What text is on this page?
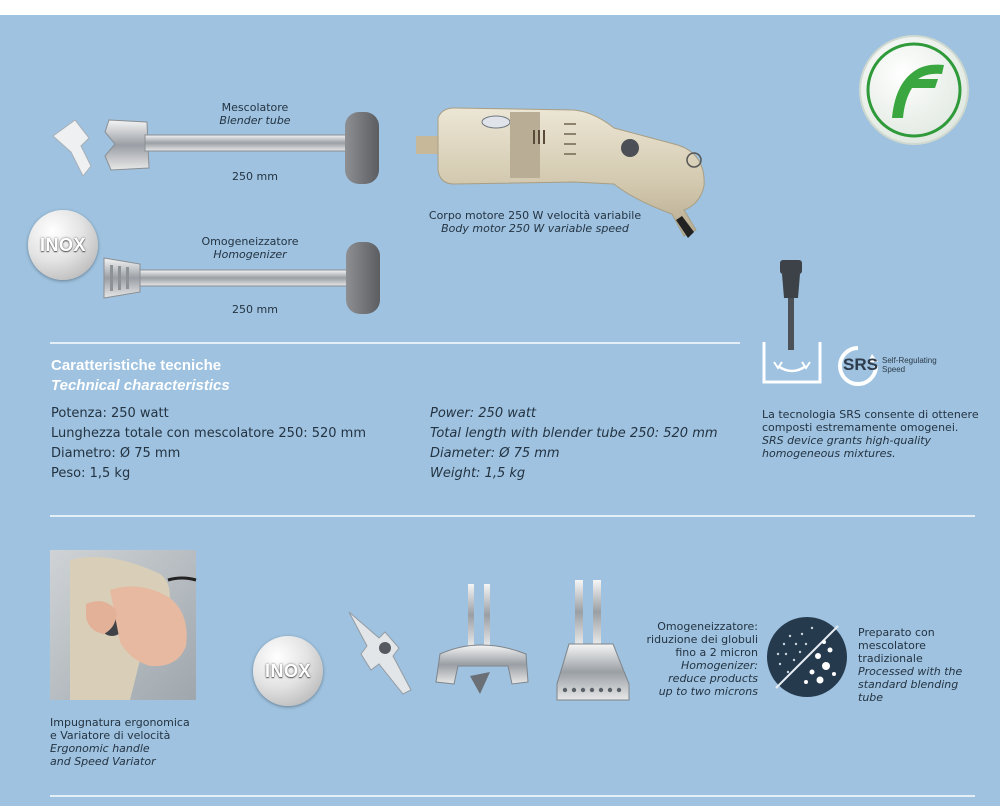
Mescolatore
Blender tube
250 mm
INOX	Omogeneizzatore
Homogenizer
250 mm
Corpo motore 250 W velocità variabile
Body motor 250 W variable speed
SRS Self-Regulating
Speed
La tecnologia SRS consente di ottenere composti estremamente omogenei.
SRS device grants high-quality homogeneous mixtures.
Caratteristiche tecniche
Technical characteristics
Potenza: 250 watt
Lunghezza totale con mescolatore 250: 520 mm
Diametro: Ø 75 mm
Peso: 1,5 kg
Power: 250 watt
Total length with blender tube 250: 520 mm
Diameter: Ø 75 mm
Weight: 1,5 kg
Impugnatura ergonomica
e Variatore di velocità
Ergonomic handle
and Speed Variator
INOX
Omogeneizzatore:
riduzione dei globuli
fino a 2 micron
Homogenizer:
reduce products
up to two microns
Preparato con
mescolatore tradizionale
Processed with the
standard blending
tube
